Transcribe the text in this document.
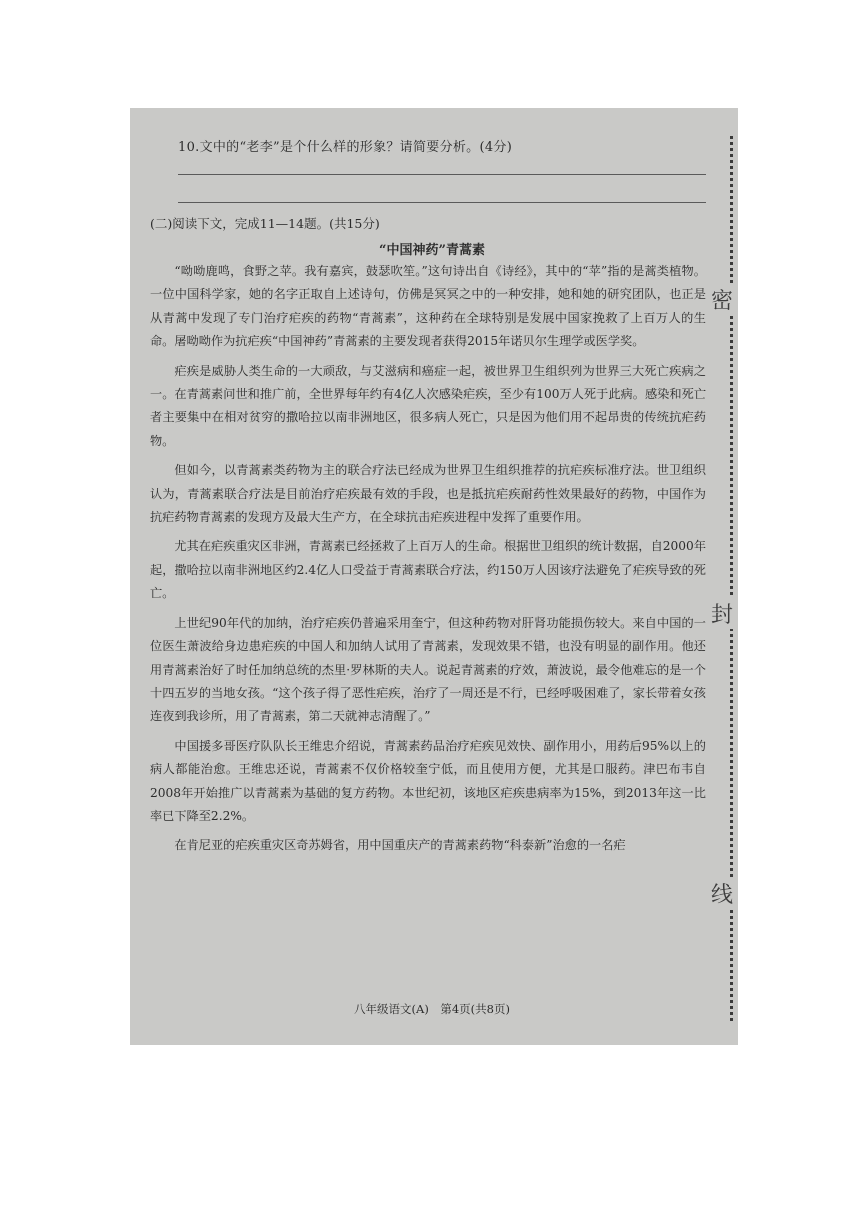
10.文中的“老李”是个什么样的形象？请简要分析。(4分)
(二)阅读下文，完成11—14题。(共15分)
“中国神药”青蒿素

“呦呦鹿鸣，食野之苹。我有嘉宾，鼓瑟吹笙。”这句诗出自《诗经》，其中的“苹”指的是蒿类植物。一位中国科学家，她的名字正取自上述诗句，仿佛是冥冥之中的一种安排，她和她的研究团队，也正是从青蒿中发现了专门治疗疟疾的药物“青蒿素”，这种药在全球特别是发展中国家挽救了上百万人的生命。屠呦呦作为抗疟疾“中国神药”青蒿素的主要发现者获得2015年诺贝尔生理学或医学奖。

疟疾是威胁人类生命的一大顽敌，与艾滋病和癌症一起，被世界卫生组织列为世界三大死亡疾病之一。在青蒿素问世和推广前，全世界每年约有4亿人次感染疟疾，至少有100万人死于此病。感染和死亡者主要集中在相对贫穷的撒哈拉以南非洲地区，很多病人死亡，只是因为他们用不起昂贵的传统抗疟药物。

但如今，以青蒿素类药物为主的联合疗法已经成为世界卫生组织推荐的抗疟疾标准疗法。世卫组织认为，青蒿素联合疗法是目前治疗疟疾最有效的手段，也是抵抗疟疾耐药性效果最好的药物，中国作为抗疟药物青蒿素的发现方及最大生产方，在全球抗击疟疾进程中发挥了重要作用。

尤其在疟疾重灾区非洲，青蒿素已经拯救了上百万人的生命。根据世卫组织的统计数据，自2000年起，撒哈拉以南非洲地区约2.4亿人口受益于青蒿素联合疗法，约150万人因该疗法避免了疟疾导致的死亡。

上世纪90年代的加纳，治疗疟疾仍普遍采用奎宁，但这种药物对肝肾功能损伤较大。来自中国的一位医生萧波给身边患疟疾的中国人和加纳人试用了青蒿素，发现效果不错，也没有明显的副作用。他还用青蒿素治好了时任加纳总统的杰里·罗林斯的夫人。说起青蒿素的疗效，萧波说，最令他难忘的是一个十四五岁的当地女孩。“这个孩子得了恶性疟疾，治疗了一周还是不行，已经呼吸困难了，家长带着女孩连夜到我诊所，用了青蒿素，第二天就神志清醒了。”

中国援多哥医疗队队长王维忠介绍说，青蒿素药品治疗疟疾见效快、副作用小，用药后95%以上的病人都能治愈。王维忠还说，青蒿素不仅价格较奎宁低，而且使用方便，尤其是口服药。津巴布韦自2008年开始推广以青蒿素为基础的复方药物。本世纪初，该地区疟疾患病率为15%，到2013年这一比率已下降至2.2%。

在肯尼亚的疟疾重灾区奇苏姆省，用中国重庆产的青蒿素药物“科泰新”治愈的一名疟

八年级语文(A)　第4页(共8页)
密
封
线
